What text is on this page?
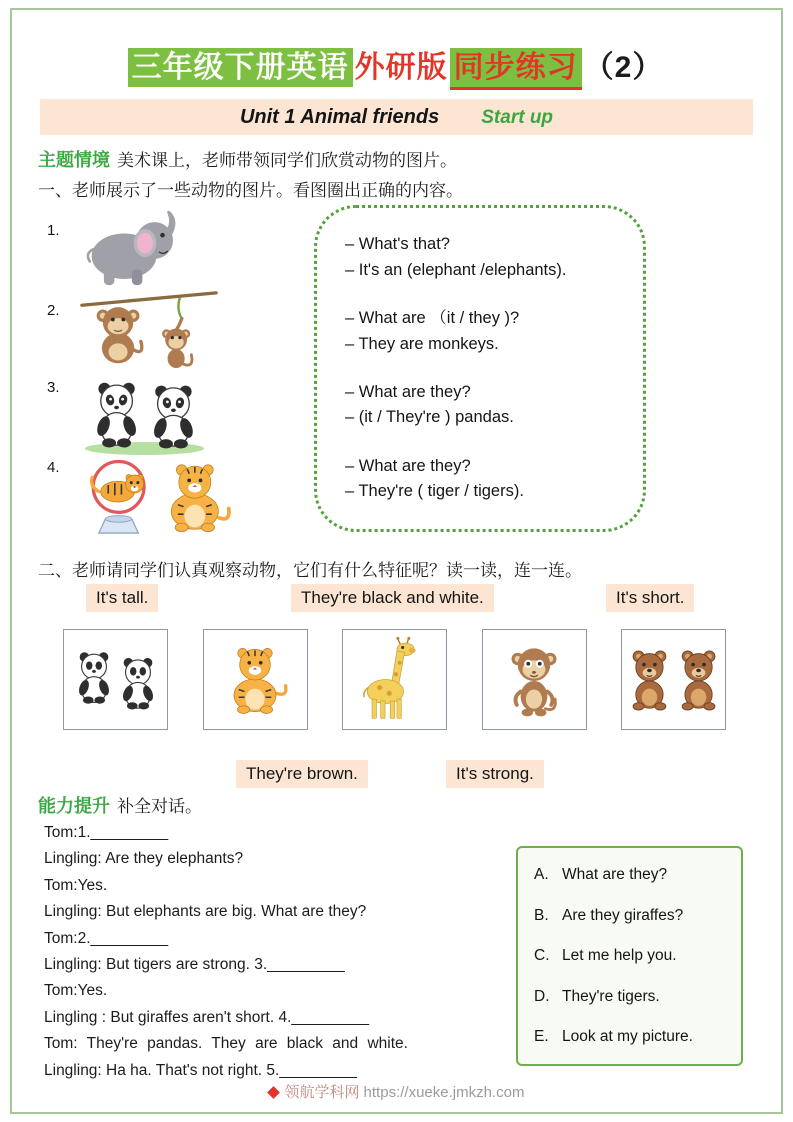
三年级下册英语 外研版 同步练习 （2）
Unit 1 Animal friends Start up
主题情境 美术课上，老师带领同学们欣赏动物的图片。
一、老师展示了一些动物的图片。看图圈出正确的内容。
1.
2.
3.
4.
– What's that?
– It's an (elephant /elephants).
– What are （it / they )?
– They are monkeys.
– What are they?
– (it / They're ) pandas.
– What are they?
– They're ( tiger / tigers).
二、老师请同学们认真观察动物，它们有什么特征呢？读一读，连一连。
It's tall.	They're black and white.	It's short.
They're brown.	It's strong.
能力提升 补全对话。
Tom:1._________
Lingling: Are they elephants?
Tom:Yes.
Lingling: But elephants are big. What are they?
Tom:2._________
Lingling: But tigers are strong. 3._________
Tom:Yes.
Lingling : But giraffes aren't short. 4._________
Tom: They're pandas. They are black and white.
Lingling: Ha ha. That's not right. 5._________
A. What are they?
B. Are they giraffes?
C. Let me help you.
D. They're tigers.
E. Look at my picture.
领航学科网 https://xueke.jmkzh.com
